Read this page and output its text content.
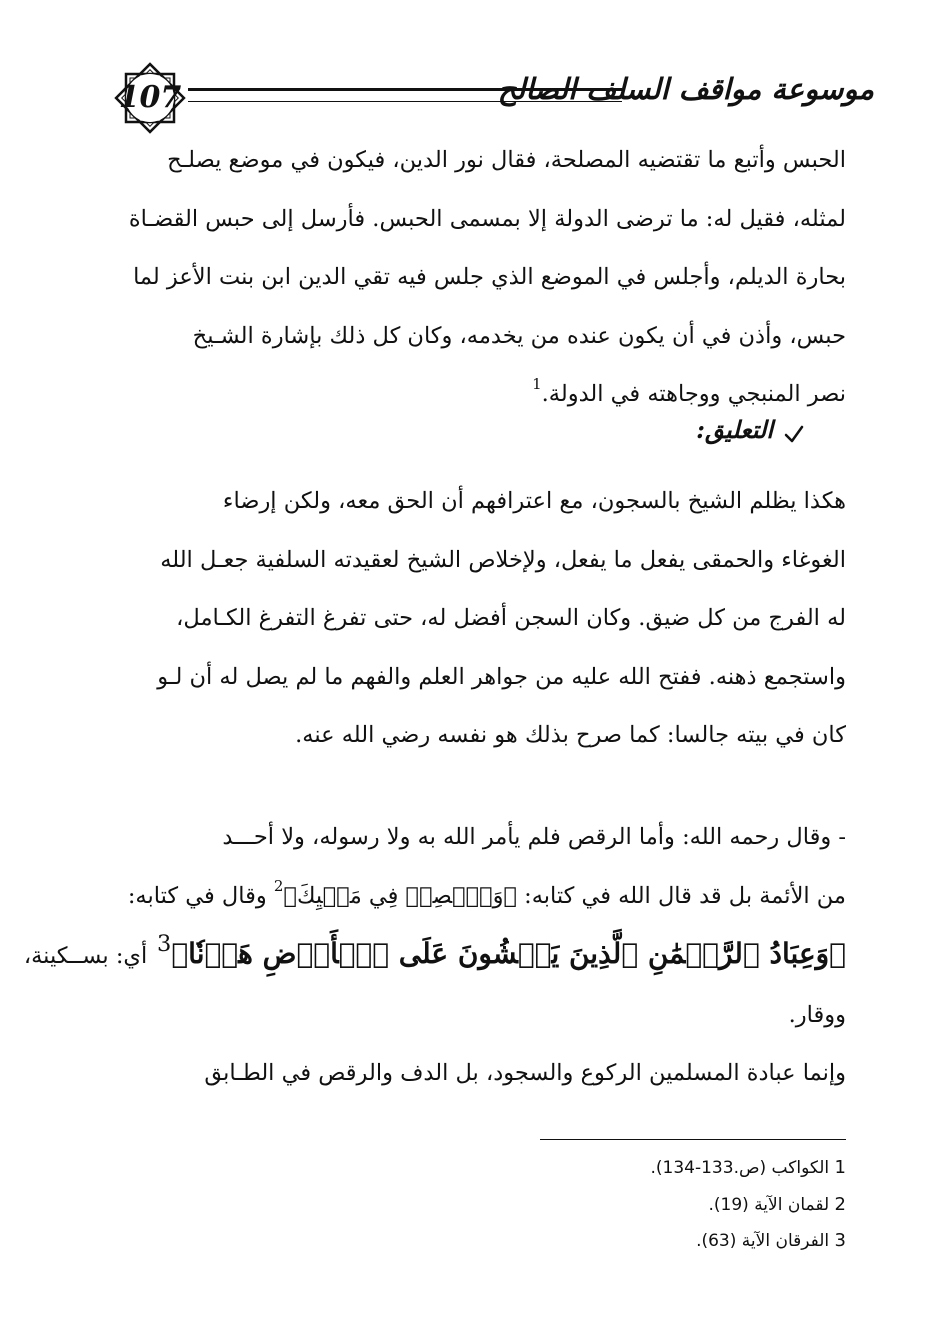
107	موسوعة مواقف السلف الصالح
الحبس وأتبع ما تقتضيه المصلحة، فقال نور الدين، فيكون في موضع يصلـح
لمثله، فقيل له: ما ترضى الدولة إلا بمسمى الحبس. فأرسل إلى حبس القضـاة
بحارة الديلم، وأجلس في الموضع الذي جلس فيه تقي الدين ابن بنت الأعز لما
حبس، وأذن في أن يكون عنده من يخدمه، وكان كل ذلك بإشارة الشـيخ
نصر المنبجي ووجاهته في الدولة.$^1$
التعليق:
هكذا يظلم الشيخ بالسجون، مع اعترافهم أن الحق معه، ولكن إرضاء
الغوغاء والحمقى يفعل ما يفعل، ولإخلاص الشيخ لعقيدته السلفية جعـل الله
له الفرج من كل ضيق. وكان السجن أفضل له، حتى تفرغ التفرغ الكـامل،
واستجمع ذهنه. ففتح الله عليه من جواهر العلم والفهم ما لم يصل له أن لـو
كان في بيته جالسا: كما صرح بذلك هو نفسه رضي الله عنه.
- وقال رحمه الله: وأما الرقص فلم يأمر الله به ولا رسوله، ولا أحـــد
من الأئمة بل قد قال الله في كتابه: ﴿وَٱقۡصِدۡ فِي مَشۡيِكَ﴾$^2$ وقال في كتابه:
﴿وَعِبَادُ ٱلرَّحۡمَٰنِ ٱلَّذِينَ يَمۡشُونَ عَلَى ٱلۡأَرۡضِ هَوۡنٗا﴾$^3$ أي: بســكينة،
ووقار.
وإنما عبادة المسلمين الركوع والسجود، بل الدف والرقص في الطـابق
1 الكواكب (ص.133-134).
2 لقمان الآية (19).
3 الفرقان الآية (63).
